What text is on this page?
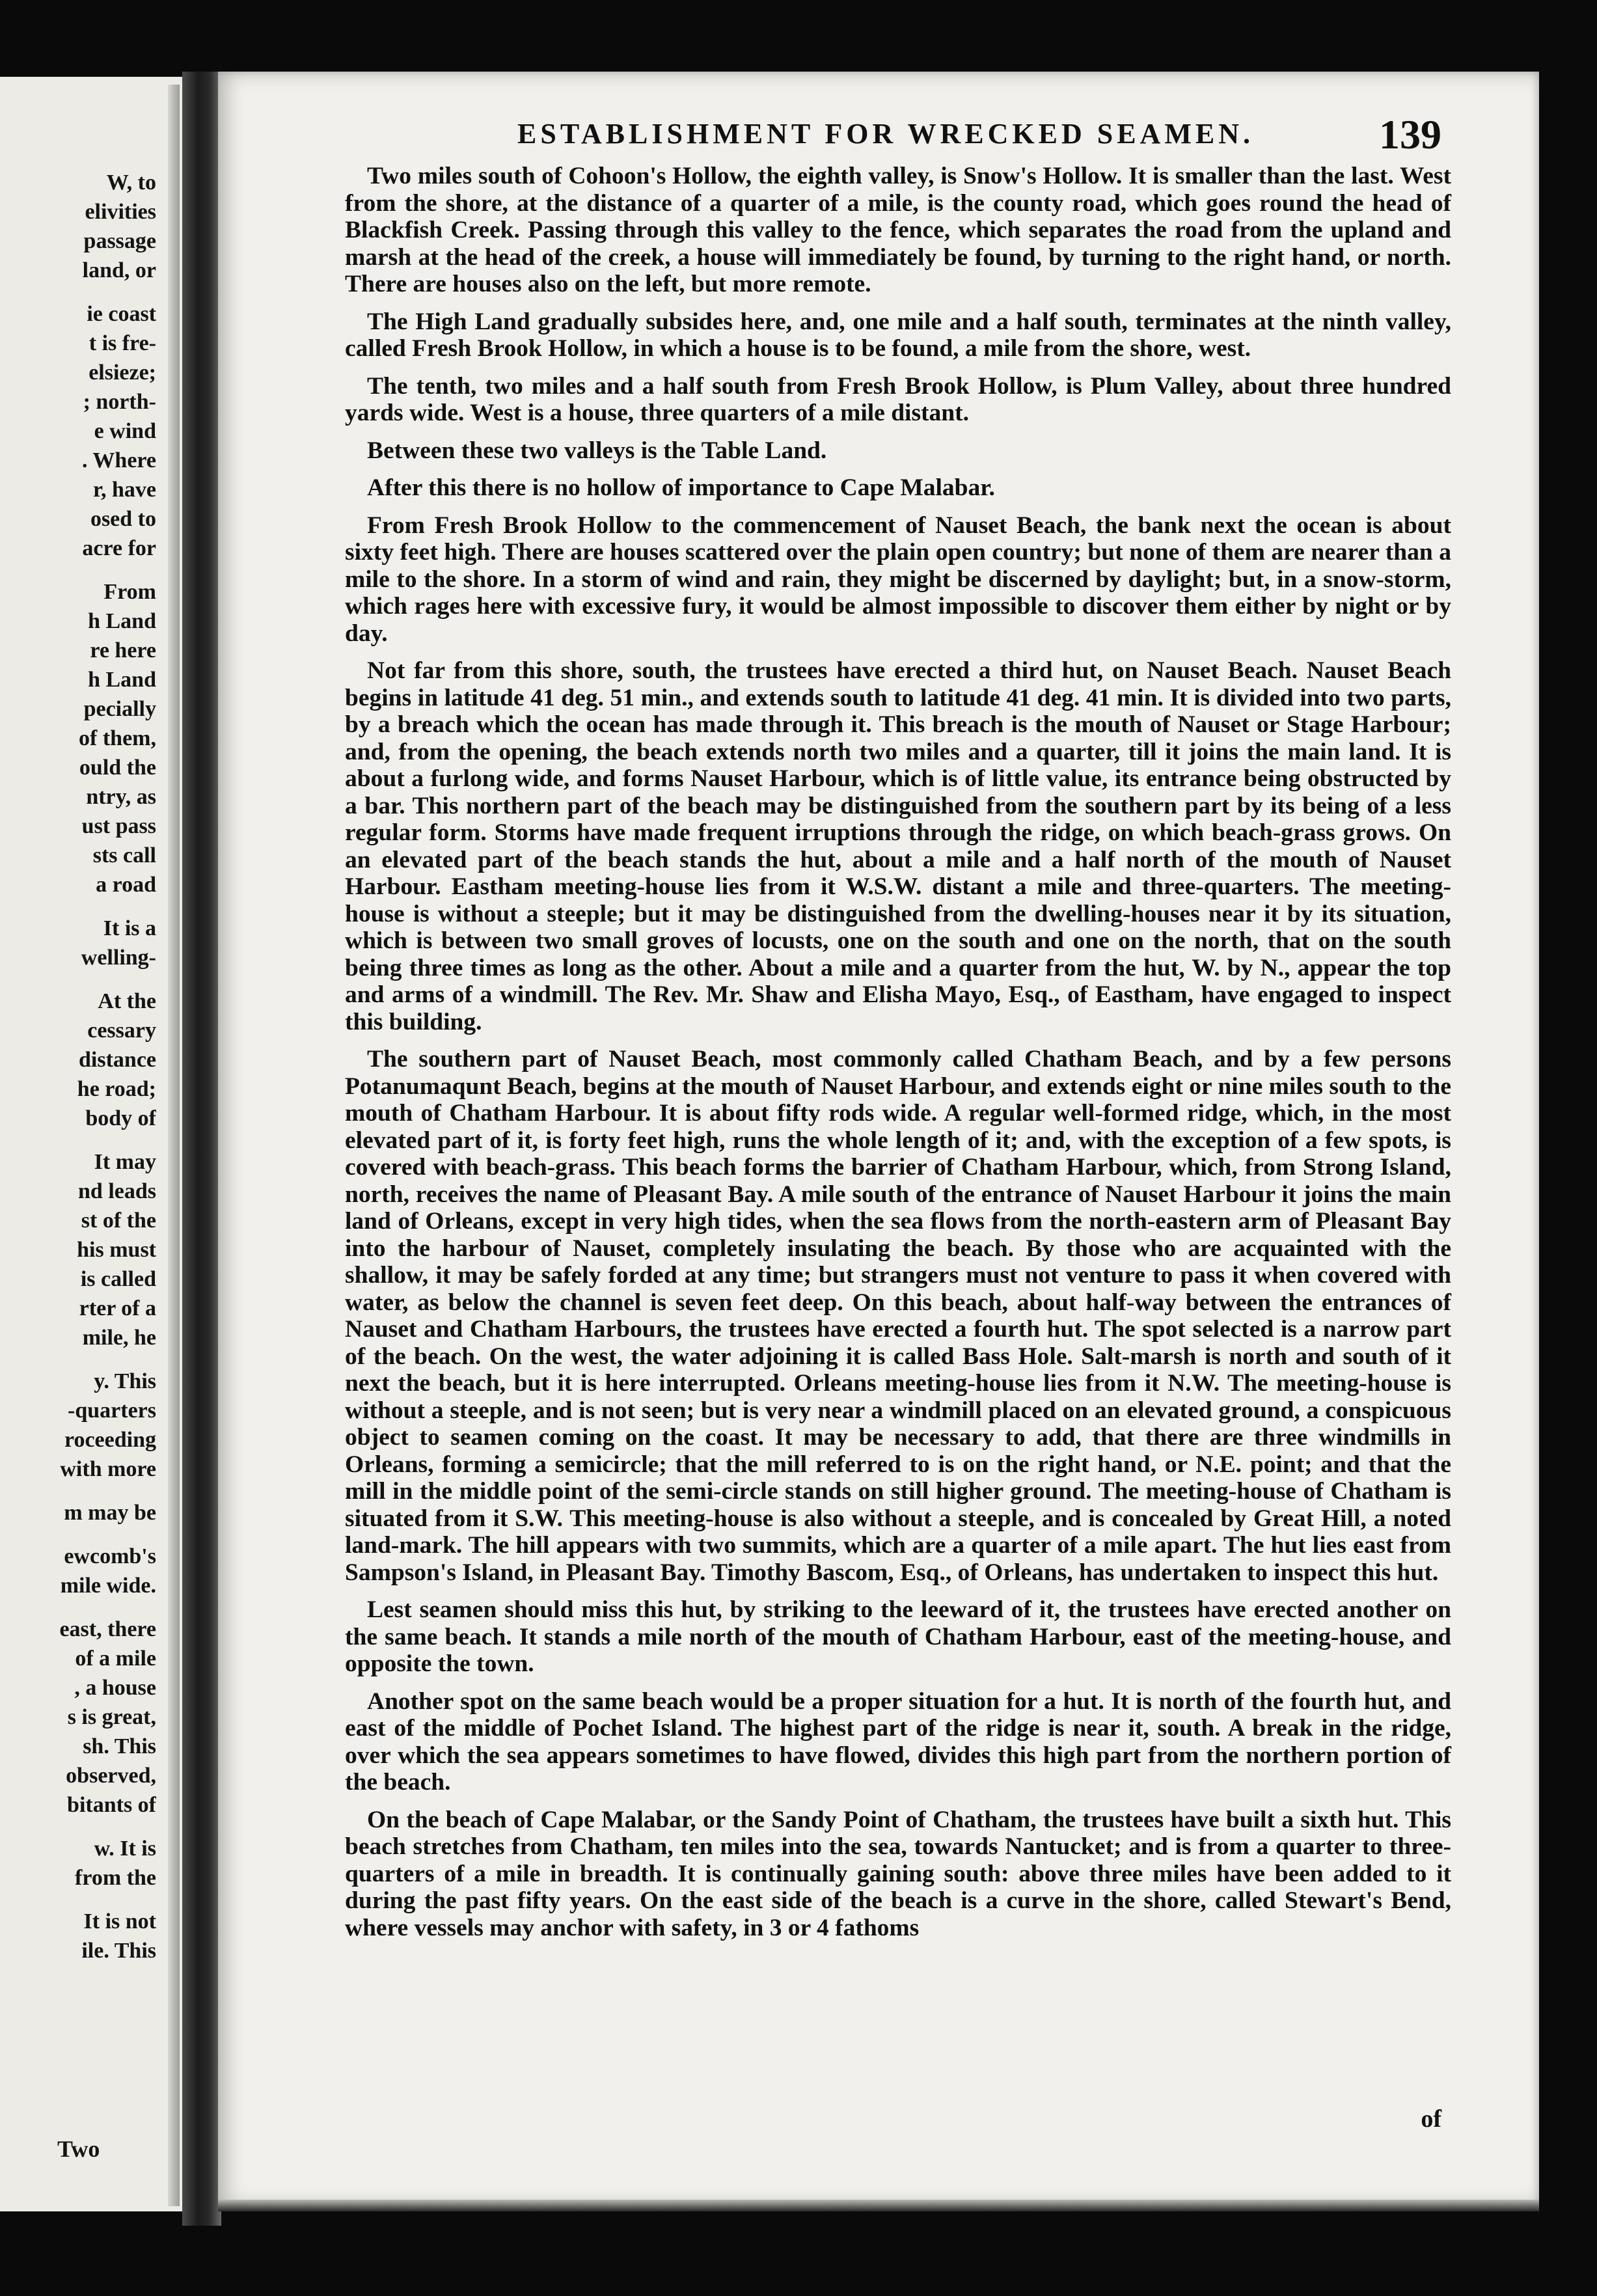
W, to
elivities
passage
land, or
ie coast
t is fre-
elsieze;
; north-
e wind
. Where
r, have
osed to
acre for
From
h Land
re here
h Land
pecially
of them,
ould the
ntry, as
ust pass
sts call
a road
It is a
welling-
At the
cessary
distance
he road;
body of
It may
nd leads
st of the
his must
is called
rter of a
mile, he
y. This
-quarters
roceeding
with more
m may be
ewcomb's
mile wide.
east, there
of a mile
, a house
s is great,
sh. This
observed,
bitants of
w. It is
from the
It is not
ile. This
Two
ESTABLISHMENT FOR WRECKED SEAMEN.	139

Two miles south of Cohoon's Hollow, the eighth valley, is Snow's Hollow. It is smaller than the last. West from the shore, at the distance of a quarter of a mile, is the county road, which goes round the head of Blackfish Creek. Passing through this valley to the fence, which separates the road from the upland and marsh at the head of the creek, a house will immediately be found, by turning to the right hand, or north. There are houses also on the left, but more remote.

The High Land gradually subsides here, and, one mile and a half south, terminates at the ninth valley, called Fresh Brook Hollow, in which a house is to be found, a mile from the shore, west.

The tenth, two miles and a half south from Fresh Brook Hollow, is Plum Valley, about three hundred yards wide. West is a house, three quarters of a mile distant.

Between these two valleys is the Table Land.

After this there is no hollow of importance to Cape Malabar.

From Fresh Brook Hollow to the commencement of Nauset Beach, the bank next the ocean is about sixty feet high. There are houses scattered over the plain open country; but none of them are nearer than a mile to the shore. In a storm of wind and rain, they might be discerned by daylight; but, in a snow-storm, which rages here with excessive fury, it would be almost impossible to discover them either by night or by day.

Not far from this shore, south, the trustees have erected a third hut, on Nauset Beach. Nauset Beach begins in latitude 41 deg. 51 min., and extends south to latitude 41 deg. 41 min. It is divided into two parts, by a breach which the ocean has made through it. This breach is the mouth of Nauset or Stage Harbour; and, from the opening, the beach extends north two miles and a quarter, till it joins the main land. It is about a furlong wide, and forms Nauset Harbour, which is of little value, its entrance being obstructed by a bar. This northern part of the beach may be distinguished from the southern part by its being of a less regular form. Storms have made frequent irruptions through the ridge, on which beach-grass grows. On an elevated part of the beach stands the hut, about a mile and a half north of the mouth of Nauset Harbour. Eastham meeting-house lies from it W.S.W. distant a mile and three-quarters. The meeting-house is without a steeple; but it may be distinguished from the dwelling-houses near it by its situation, which is between two small groves of locusts, one on the south and one on the north, that on the south being three times as long as the other. About a mile and a quarter from the hut, W. by N., appear the top and arms of a windmill. The Rev. Mr. Shaw and Elisha Mayo, Esq., of Eastham, have engaged to inspect this building.

The southern part of Nauset Beach, most commonly called Chatham Beach, and by a few persons Potanumaqunt Beach, begins at the mouth of Nauset Harbour, and extends eight or nine miles south to the mouth of Chatham Harbour. It is about fifty rods wide. A regular well-formed ridge, which, in the most elevated part of it, is forty feet high, runs the whole length of it; and, with the exception of a few spots, is covered with beach-grass. This beach forms the barrier of Chatham Harbour, which, from Strong Island, north, receives the name of Pleasant Bay. A mile south of the entrance of Nauset Harbour it joins the main land of Orleans, except in very high tides, when the sea flows from the north-eastern arm of Pleasant Bay into the harbour of Nauset, completely insulating the beach. By those who are acquainted with the shallow, it may be safely forded at any time; but strangers must not venture to pass it when covered with water, as below the channel is seven feet deep. On this beach, about half-way between the entrances of Nauset and Chatham Harbours, the trustees have erected a fourth hut. The spot selected is a narrow part of the beach. On the west, the water adjoining it is called Bass Hole. Salt-marsh is north and south of it next the beach, but it is here interrupted. Orleans meeting-house lies from it N.W. The meeting-house is without a steeple, and is not seen; but is very near a windmill placed on an elevated ground, a conspicuous object to seamen coming on the coast. It may be necessary to add, that there are three windmills in Orleans, forming a semicircle; that the mill referred to is on the right hand, or N.E. point; and that the mill in the middle point of the semi-circle stands on still higher ground. The meeting-house of Chatham is situated from it S.W. This meeting-house is also without a steeple, and is concealed by Great Hill, a noted land-mark. The hill appears with two summits, which are a quarter of a mile apart. The hut lies east from Sampson's Island, in Pleasant Bay. Timothy Bascom, Esq., of Orleans, has undertaken to inspect this hut.

Lest seamen should miss this hut, by striking to the leeward of it, the trustees have erected another on the same beach. It stands a mile north of the mouth of Chatham Harbour, east of the meeting-house, and opposite the town.

Another spot on the same beach would be a proper situation for a hut. It is north of the fourth hut, and east of the middle of Pochet Island. The highest part of the ridge is near it, south. A break in the ridge, over which the sea appears sometimes to have flowed, divides this high part from the northern portion of the beach.

On the beach of Cape Malabar, or the Sandy Point of Chatham, the trustees have built a sixth hut. This beach stretches from Chatham, ten miles into the sea, towards Nantucket; and is from a quarter to three-quarters of a mile in breadth. It is continually gaining south: above three miles have been added to it during the past fifty years. On the east side of the beach is a curve in the shore, called Stewart's Bend, where vessels may anchor with safety, in 3 or 4 fathoms

of
